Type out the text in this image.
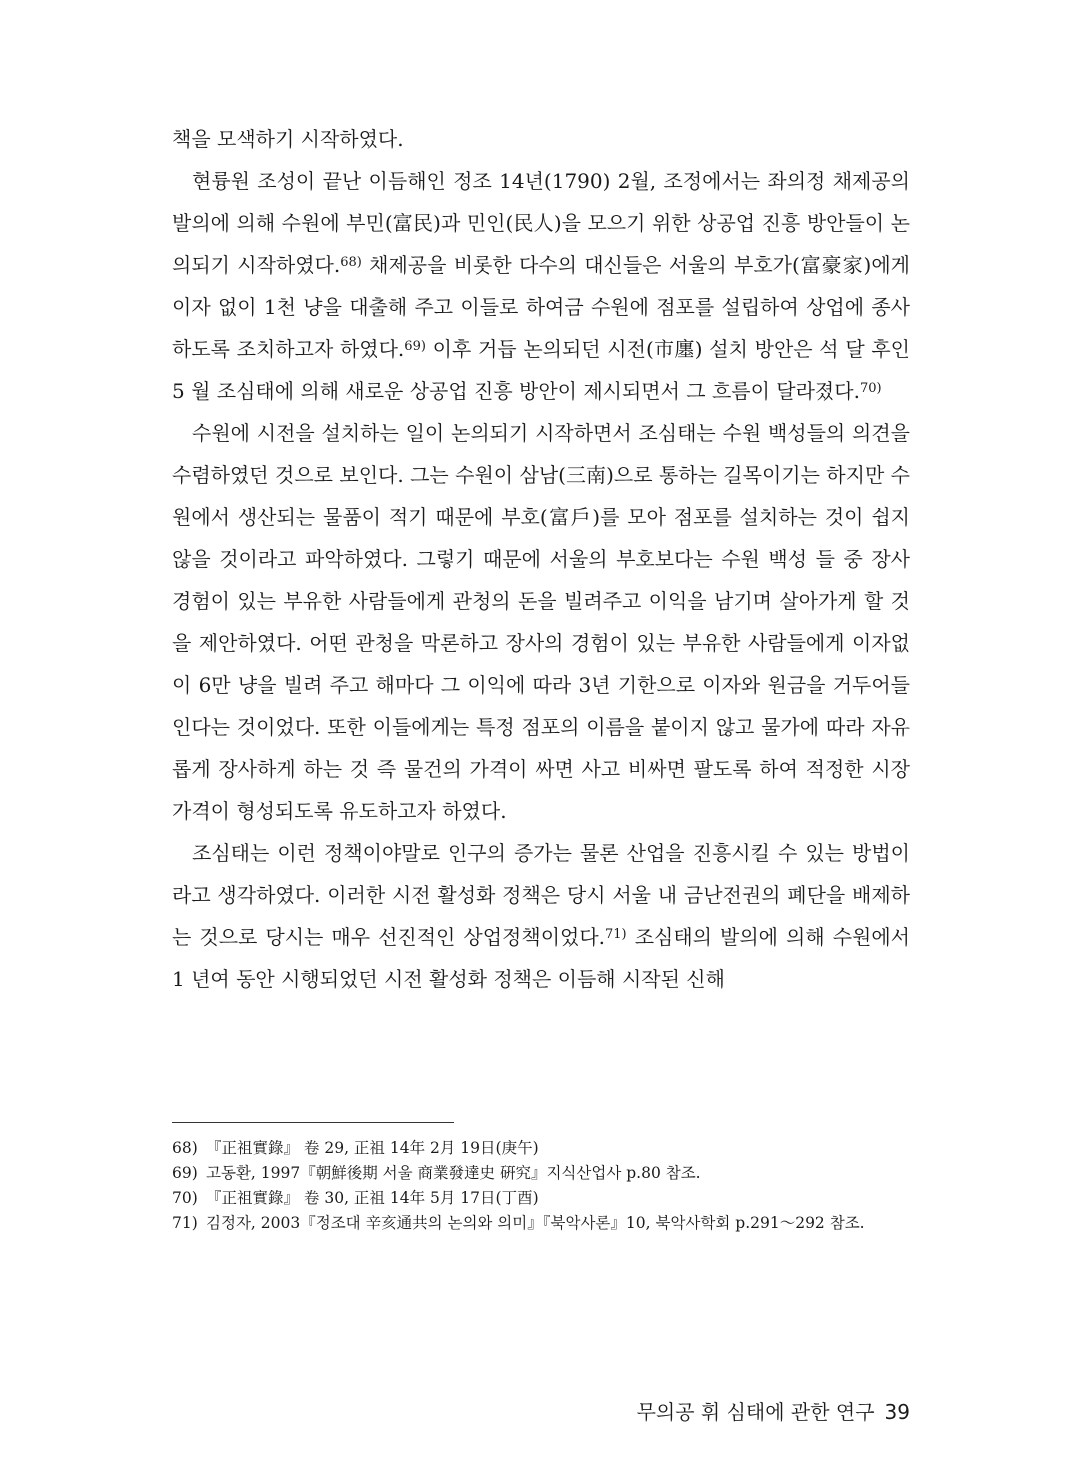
책을 모색하기 시작하였다.

현륭원 조성이 끝난 이듬해인 정조 14년(1790) 2월, 조정에서는 좌의정 채제공의 발의에 의해 수원에 부민(富民)과 민인(民人)을 모으기 위한 상공업 진흥 방안들이 논의되기 시작하였다.$^{68)}$ 채제공을 비롯한 다수의 대신들은 서울의 부호가(富豪家)에게 이자 없이 1천 냥을 대출해 주고 이들로 하여금 수원에 점포를 설립하여 상업에 종사하도록 조치하고자 하였다.$^{69)}$ 이후 거듭 논의되던 시전(市廛) 설치 방안은 석 달 후인 5 월 조심태에 의해 새로운 상공업 진흥 방안이 제시되면서 그 흐름이 달라졌다.$^{70)}$

수원에 시전을 설치하는 일이 논의되기 시작하면서 조심태는 수원 백성들의 의견을 수렴하였던 것으로 보인다. 그는 수원이 삼남(三南)으로 통하는 길목이기는 하지만 수원에서 생산되는 물품이 적기 때문에 부호(富戶)를 모아 점포를 설치하는 것이 쉽지 않을 것이라고 파악하였다. 그렇기 때문에 서울의 부호보다는 수원 백성 들 중 장사 경험이 있는 부유한 사람들에게 관청의 돈을 빌려주고 이익을 남기며 살아가게 할 것을 제안하였다. 어떤 관청을 막론하고 장사의 경험이 있는 부유한 사람들에게 이자없이 6만 냥을 빌려 주고 해마다 그 이익에 따라 3년 기한으로 이자와 원금을 거두어들인다는 것이었다. 또한 이들에게는 특정 점포의 이름을 붙이지 않고 물가에 따라 자유롭게 장사하게 하는 것 즉 물건의 가격이 싸면 사고 비싸면 팔도록 하여 적정한 시장 가격이 형성되도록 유도하고자 하였다.

조심태는 이런 정책이야말로 인구의 증가는 물론 산업을 진흥시킬 수 있는 방법이라고 생각하였다. 이러한 시전 활성화 정책은 당시 서울 내 금난전권의 폐단을 배제하는 것으로 당시는 매우 선진적인 상업정책이었다.$^{71)}$ 조심태의 발의에 의해 수원에서 1 년여 동안 시행되었던 시전 활성화 정책은 이듬해 시작된 신해

68) 『正祖實錄』 卷 29, 正祖 14年 2月 19日(庚午)
69) 고동환, 1997『朝鮮後期 서울 商業發達史 硏究』지식산업사 p.80 참조.
70) 『正祖實錄』 卷 30, 正祖 14年 5月 17日(丁酉)
71) 김정자, 2003『정조대 辛亥通共의 논의와 의미』『북악사론』10, 북악사학회 p.291～292 참조.
무의공 휘 심태에 관한 연구 39
